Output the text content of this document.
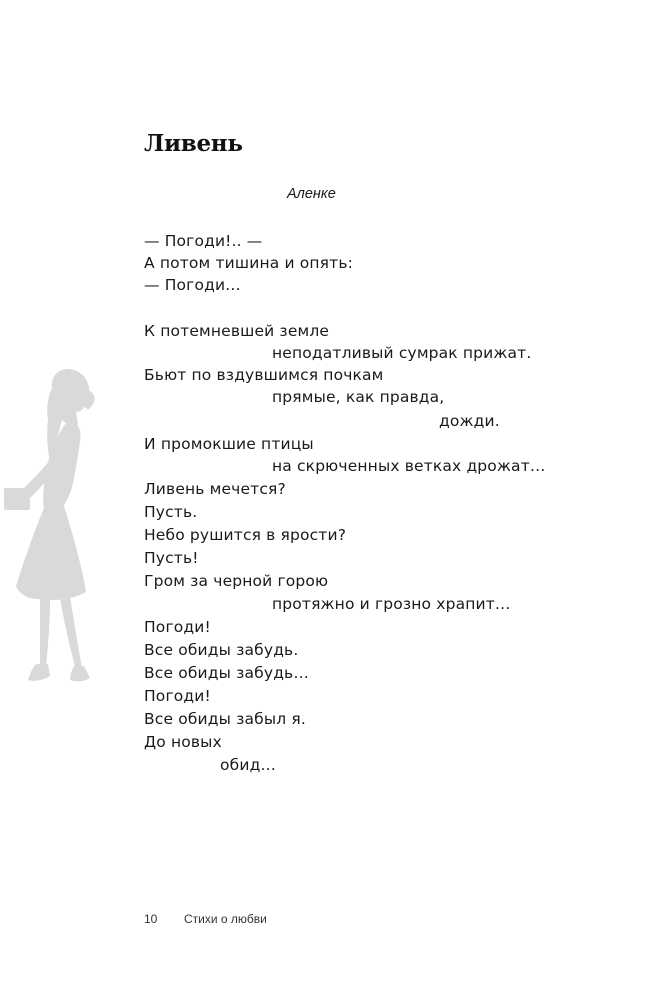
Ливень
Аленке
— Погоди!.. —
А потом тишина и опять:
— Погоди…
К потемневшей земле
неподатливый сумрак прижат.
Бьют по вздувшимся почкам
прямые, как правда,
дожди.
И промокшие птицы
на скрюченных ветках дрожат…
Ливень мечется?
Пусть.
Небо рушится в ярости?
Пусть!
Гром за черной горою
протяжно и грозно храпит…
Погоди!
Все обиды забудь.
Все обиды забудь…
Погоди!
Все обиды забыл я.
До новых
обид…
10 Стихи о любви
